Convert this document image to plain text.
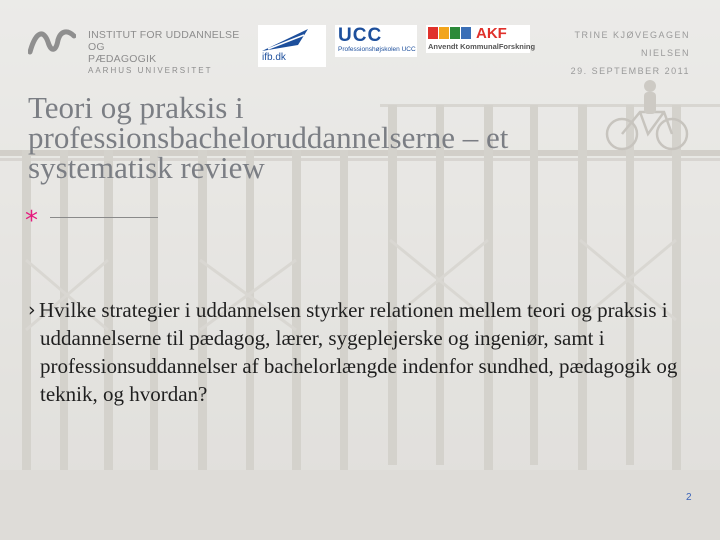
INSTITUT FOR UDDANNELSE OG
PÆDAGOGIK
AARHUS UNIVERSITET
ifb.dk
UCC
Professionshøjskolen UCC
AKF
Anvendt KommunalForskning
TRINE KJØVEGAGEN NIELSEN
29. SEPTEMBER 2011
Teori og praksis i professionsbacheloruddannelserne – et systematisk review
*
› Hvilke strategier i uddannelsen styrker relationen mellem teori og praksis i uddannelserne til pædagog, lærer, sygeplejerske og ingeniør, samt i professionsuddannelser af bachelorlængde indenfor sundhed, pædagogik og teknik, og hvordan?
2
